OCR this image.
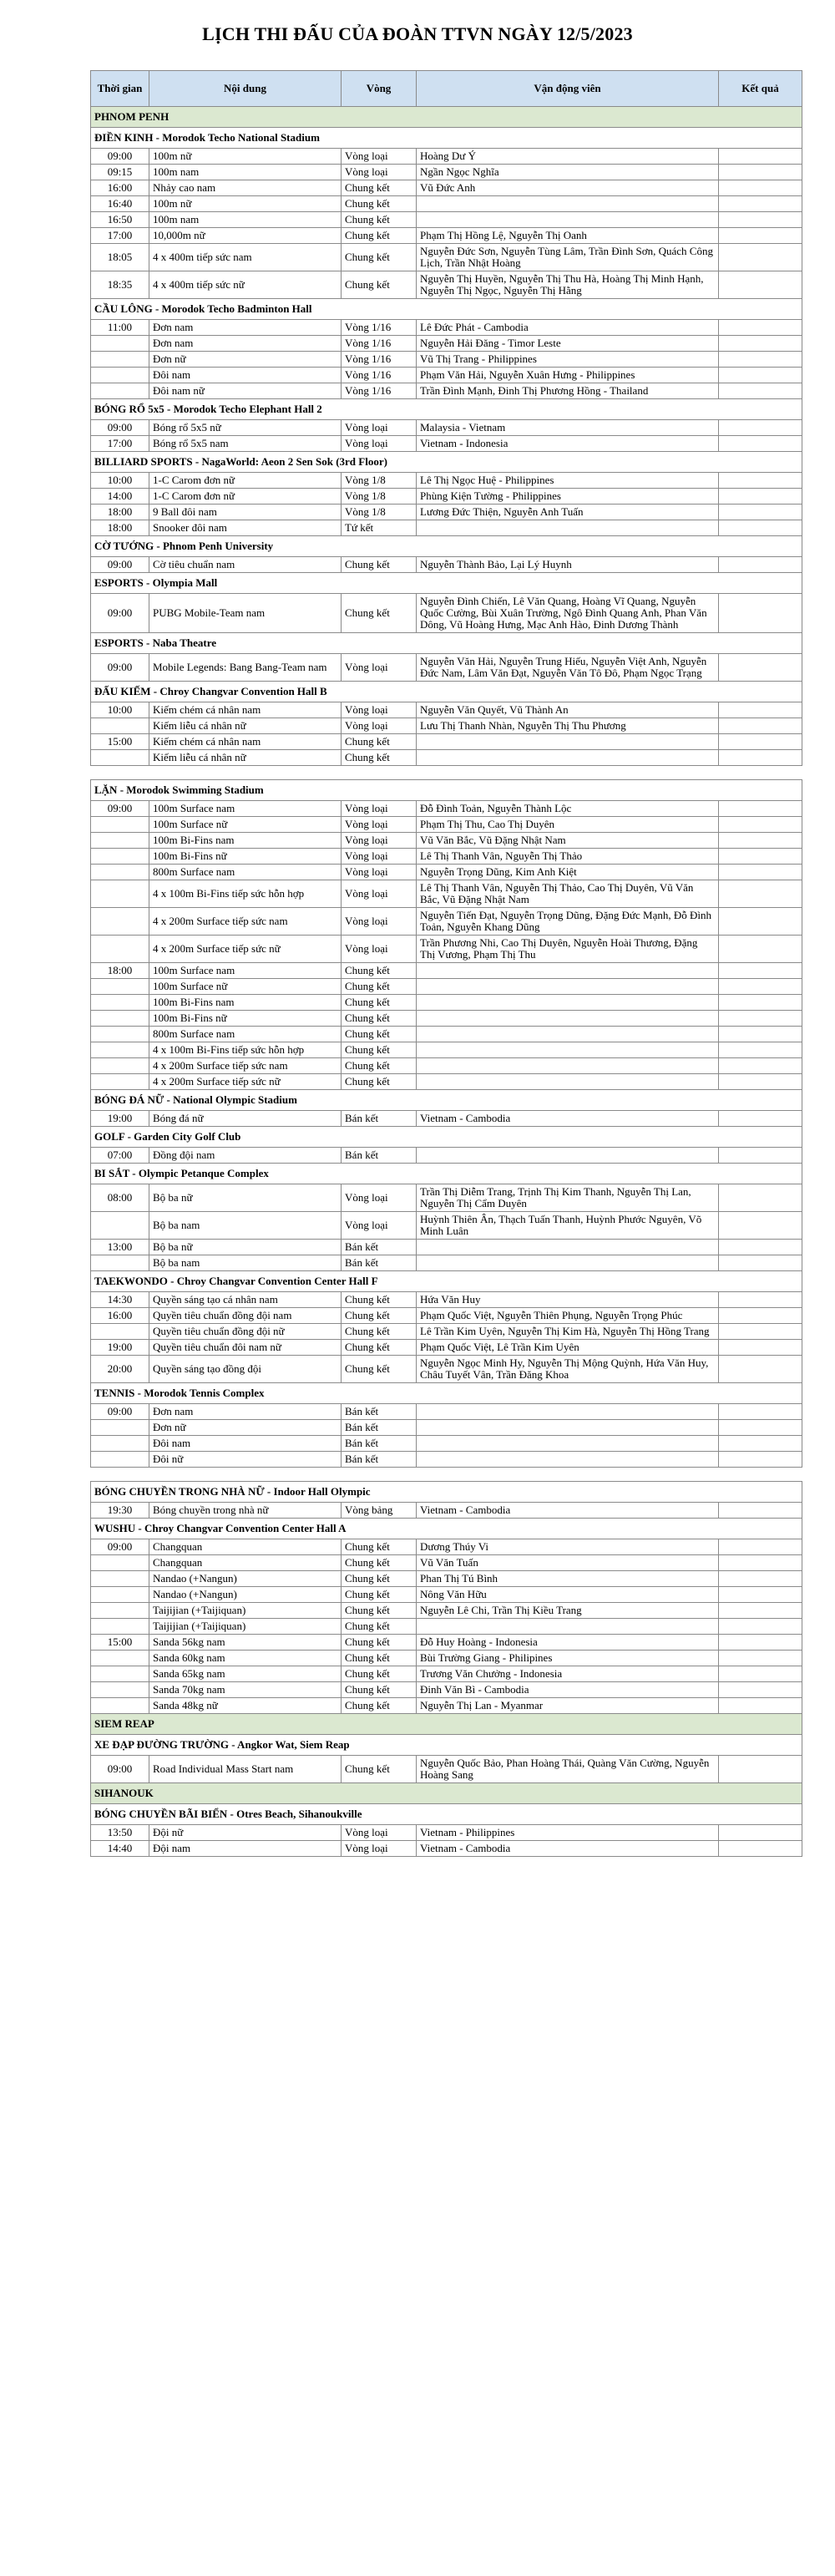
LỊCH THI ĐẤU CỦA ĐOÀN TTVN NGÀY 12/5/2023
Thời gian	Nội dung	Vòng	Vận động viên	Kết quả
PHNOM PENH				
ĐIỀN KINH - Morodok Techo National Stadium				
09:00	100m nữ	Vòng loại	Hoàng Dư Ý	
09:15	100m nam	Vòng loại	Ngần Ngọc Nghĩa	
16:00	Nhảy cao nam	Chung kết	Vũ Đức Anh	
16:40	100m nữ	Chung kết		
16:50	100m nam	Chung kết		
17:00	10,000m nữ	Chung kết	Phạm Thị Hồng Lệ, Nguyễn Thị Oanh	
18:05	4 x 400m tiếp sức nam	Chung kết	Nguyễn Đức Sơn, Nguyễn Tùng Lâm, Trần Đình Sơn, Quách Công Lịch, Trần Nhật Hoàng	
18:35	4 x 400m tiếp sức nữ	Chung kết	Nguyễn Thị Huyền, Nguyễn Thị Thu Hà, Hoàng Thị Minh Hạnh, Nguyễn Thị Ngọc, Nguyễn Thị Hằng	
CẦU LÔNG - Morodok Techo Badminton Hall				
11:00	Đơn nam	Vòng 1/16	Lê Đức Phát - Cambodia	
	Đơn nam	Vòng 1/16	Nguyễn Hải Đăng - Timor Leste	
	Đơn nữ	Vòng 1/16	Vũ Thị Trang - Philippines	
	Đôi nam	Vòng 1/16	Phạm Văn Hải, Nguyễn Xuân Hưng - Philippines	
	Đôi nam nữ	Vòng 1/16	Trần Đình Mạnh, Đinh Thị Phương Hồng - Thailand	
BÓNG RỔ 5x5 - Morodok Techo Elephant Hall 2				
09:00	Bóng rổ 5x5 nữ	Vòng loại	Malaysia - Vietnam	
17:00	Bóng rổ 5x5 nam	Vòng loại	Vietnam - Indonesia	
BILLIARD SPORTS - NagaWorld: Aeon 2 Sen Sok (3rd Floor)				
10:00	1-C Carom đơn nữ	Vòng 1/8	Lê Thị Ngọc Huệ - Philippines	
14:00	1-C Carom đơn nữ	Vòng 1/8	Phùng Kiện Tường - Philippines	
18:00	9 Ball đôi nam	Vòng 1/8	Lương Đức Thiện, Nguyễn Anh Tuấn	
18:00	Snooker đôi nam	Tứ kết		
CỜ TƯỚNG - Phnom Penh University				
09:00	Cờ tiêu chuẩn nam	Chung kết	Nguyễn Thành Bảo, Lại Lý Huynh	
ESPORTS - Olympia Mall				
09:00	PUBG Mobile-Team nam	Chung kết	Nguyễn Đình Chiến, Lê Văn Quang, Hoàng Vĩ Quang, Nguyễn Quốc Cường, Bùi Xuân Trường, Ngô Đình Quang Anh, Phan Văn Dông, Vũ Hoàng Hưng, Mạc Anh Hào, Đinh Dương Thành	
ESPORTS - Naba Theatre				
09:00	Mobile Legends: Bang Bang-Team nam	Vòng loại	Nguyễn Văn Hải, Nguyễn Trung Hiếu, Nguyễn Việt Anh, Nguyễn Đức Nam, Lâm Văn Đạt, Nguyễn Văn Tô Đô, Phạm Ngọc Trạng	
ĐẤU KIẾM - Chroy Changvar Convention Hall B				
10:00	Kiếm chém cá nhân nam	Vòng loại	Nguyễn Văn Quyết, Vũ Thành An	
	Kiếm liễu cá nhân nữ	Vòng loại	Lưu Thị Thanh Nhàn, Nguyễn Thị Thu Phương	
15:00	Kiếm chém cá nhân nam	Chung kết		
	Kiếm liễu cá nhân nữ	Chung kết		

LẶN - Morodok Swimming Stadium				
09:00	100m Surface nam	Vòng loại	Đỗ Đình Toản, Nguyễn Thành Lộc	
	100m Surface nữ	Vòng loại	Phạm Thị Thu, Cao Thị Duyên	
	100m Bi-Fins nam	Vòng loại	Vũ Văn Bắc, Vũ Đặng Nhật Nam	
	100m Bi-Fins nữ	Vòng loại	Lê Thị Thanh Vân, Nguyễn Thị Thảo	
	800m Surface nam	Vòng loại	Nguyễn Trọng Dũng, Kim Anh Kiệt	
	4 x 100m Bi-Fins tiếp sức hỗn hợp	Vòng loại	Lê Thị Thanh Vân, Nguyễn Thị Thảo, Cao Thị Duyên, Vũ Văn Bắc, Vũ Đặng Nhật Nam	
	4 x 200m Surface tiếp sức nam	Vòng loại	Nguyễn Tiến Đạt, Nguyễn Trọng Dũng, Đặng Đức Mạnh, Đỗ Đình Toản, Nguyễn Khang Dũng	
	4 x 200m Surface tiếp sức nữ	Vòng loại	Trần Phương Nhi, Cao Thị Duyên, Nguyễn Hoài Thương, Đặng Thị Vương, Phạm Thị Thu	
18:00	100m Surface nam	Chung kết		
	100m Surface nữ	Chung kết		
	100m Bi-Fins nam	Chung kết		
	100m Bi-Fins nữ	Chung kết		
	800m Surface nam	Chung kết		
	4 x 100m Bi-Fins tiếp sức hỗn hợp	Chung kết		
	4 x 200m Surface tiếp sức nam	Chung kết		
	4 x 200m Surface tiếp sức nữ	Chung kết		
BÓNG ĐÁ NỮ - National Olympic Stadium				
19:00	Bóng đá nữ	Bán kết	Vietnam - Cambodia	
GOLF - Garden City Golf Club				
07:00	Đồng đội nam	Bán kết		
BI SẮT - Olympic Petanque Complex				
08:00	Bộ ba nữ	Vòng loại	Trần Thị Diễm Trang, Trịnh Thị Kim Thanh, Nguyễn Thị Lan, Nguyễn Thị Cẩm Duyên	
	Bộ ba nam	Vòng loại	Huỳnh Thiên Ân, Thạch Tuấn Thanh, Huỳnh Phước Nguyên, Võ Minh Luân	
13:00	Bộ ba nữ	Bán kết		
	Bộ ba nam	Bán kết		
TAEKWONDO - Chroy Changvar Convention Center Hall F				
14:30	Quyền sáng tạo cá nhân nam	Chung kết	Hứa Văn Huy	
16:00	Quyền tiêu chuẩn đồng đội nam	Chung kết	Phạm Quốc Việt, Nguyễn Thiên Phụng, Nguyễn Trọng Phúc	
	Quyền tiêu chuẩn đồng đội nữ	Chung kết	Lê Trần Kim Uyên, Nguyễn Thị Kim Hà, Nguyễn Thị Hồng Trang	
19:00	Quyền tiêu chuẩn đôi nam nữ	Chung kết	Phạm Quốc Việt, Lê Trần Kim Uyên	
20:00	Quyền sáng tạo đồng đội	Chung kết	Nguyễn Ngọc Minh Hy, Nguyễn Thị Mộng Quỳnh, Hứa Văn Huy, Châu Tuyết Vân, Trần Đăng Khoa	
TENNIS - Morodok Tennis Complex				
09:00	Đơn nam	Bán kết		
	Đơn nữ	Bán kết		
	Đôi nam	Bán kết		
	Đôi nữ	Bán kết		

BÓNG CHUYỀN TRONG NHÀ NỮ - Indoor Hall Olympic				
19:30	Bóng chuyền trong nhà nữ	Vòng bảng	Vietnam - Cambodia	
WUSHU - Chroy Changvar Convention Center Hall A				
09:00	Changquan	Chung kết	Dương Thúy Vi	
	Changquan	Chung kết	Vũ Văn Tuấn	
	Nandao (+Nangun)	Chung kết	Phan Thị Tú Bình	
	Nandao (+Nangun)	Chung kết	Nông Văn Hữu	
	Taijijian (+Taijiquan)	Chung kết	Nguyễn Lê Chi, Trần Thị Kiều Trang	
	Taijijian (+Taijiquan)	Chung kết		
15:00	Sanda 56kg nam	Chung kết	Đỗ Huy Hoàng - Indonesia	
	Sanda 60kg nam	Chung kết	Bùi Trường Giang - Philipines	
	Sanda 65kg nam	Chung kết	Trương Văn Chưởng - Indonesia	
	Sanda 70kg nam	Chung kết	Đinh Văn Bì - Cambodia	
	Sanda 48kg nữ	Chung kết	Nguyễn Thị Lan - Myanmar	
SIEM REAP				
XE ĐẠP ĐƯỜNG TRƯỜNG - Angkor Wat, Siem Reap				
09:00	Road Individual Mass Start nam	Chung kết	Nguyễn Quốc Bảo, Phan Hoàng Thái, Quàng Văn Cường, Nguyễn Hoàng Sang	
SIHANOUK				
BÓNG CHUYỀN BÃI BIỂN - Otres Beach, Sihanoukville				
13:50	Đội nữ	Vòng loại	Vietnam - Philippines	
14:40	Đội nam	Vòng loại	Vietnam - Cambodia	
